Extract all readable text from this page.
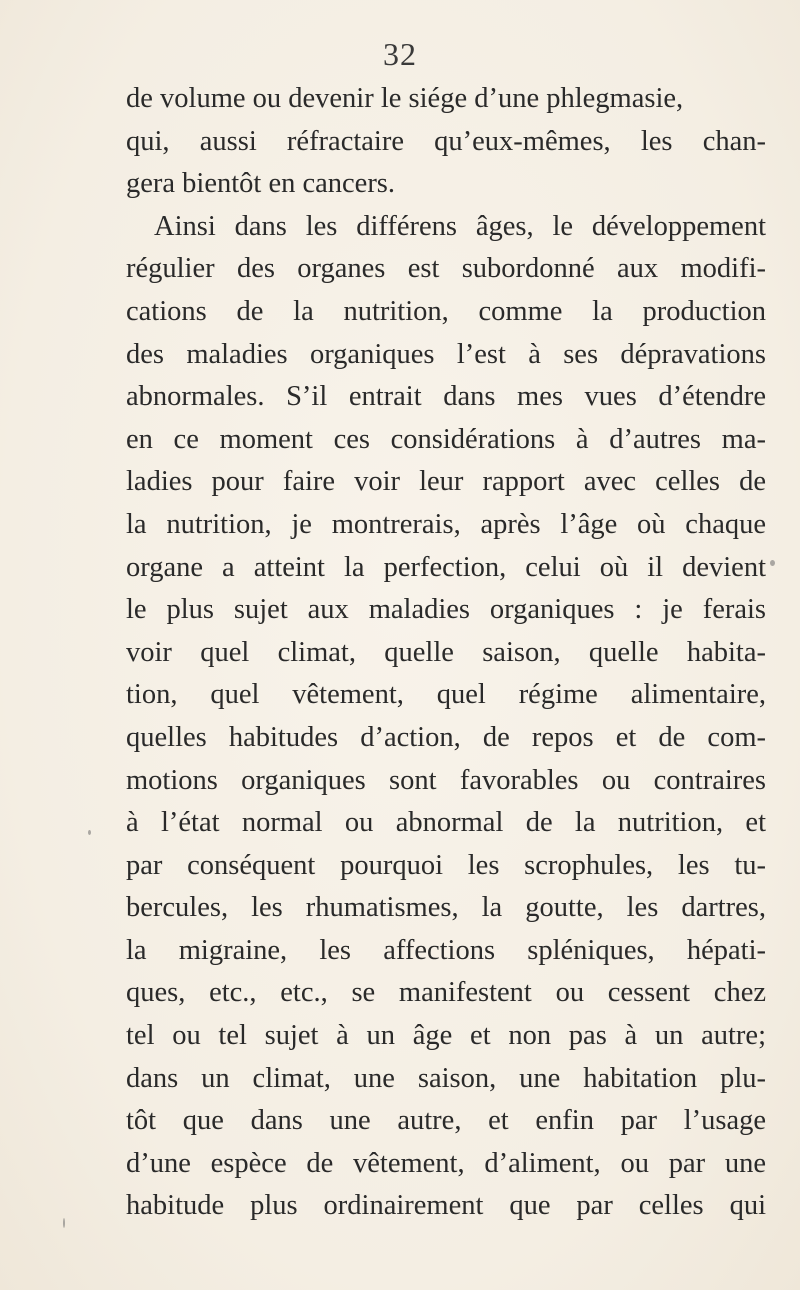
32
de volume ou devenir le siége d’une phlegmasie,
qui, aussi réfractaire qu’eux-mêmes, les chan-
gera bientôt en cancers.
Ainsi dans les différens âges, le développement
régulier des organes est subordonné aux modifi-
cations de la nutrition, comme la production
des maladies organiques l’est à ses dépravations
abnormales. S’il entrait dans mes vues d’étendre
en ce moment ces considérations à d’autres ma-
ladies pour faire voir leur rapport avec celles de
la nutrition, je montrerais, après l’âge où chaque
organe a atteint la perfection, celui où il devient
le plus sujet aux maladies organiques : je ferais
voir quel climat, quelle saison, quelle habita-
tion, quel vêtement, quel régime alimentaire,
quelles habitudes d’action, de repos et de com-
motions organiques sont favorables ou contraires
à l’état normal ou abnormal de la nutrition, et
par conséquent pourquoi les scrophules, les tu-
bercules, les rhumatismes, la goutte, les dartres,
la migraine, les affections spléniques, hépati-
ques, etc., etc., se manifestent ou cessent chez
tel ou tel sujet à un âge et non pas à un autre;
dans un climat, une saison, une habitation plu-
tôt que dans une autre, et enfin par l’usage
d’une espèce de vêtement, d’aliment, ou par une
habitude plus ordinairement que par celles qui
